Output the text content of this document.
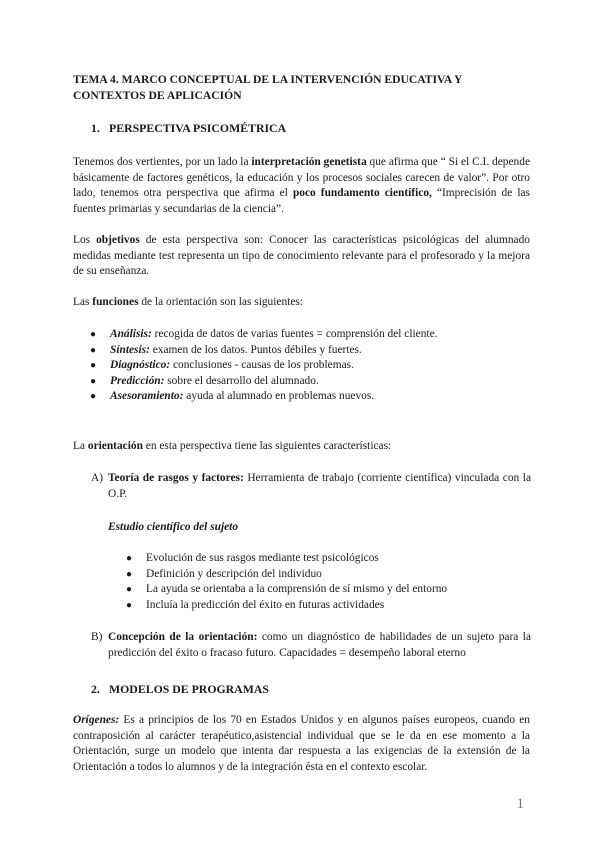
TEMA 4. MARCO CONCEPTUAL DE LA INTERVENCIÓN EDUCATIVA Y CONTEXTOS DE APLICACIÓN

1. PERSPECTIVA PSICOMÉTRICA

Tenemos dos vertientes, por un lado la interpretación genetista que afirma que “ Si el C.I. depende básicamente de factores genéticos, la educación y los procesos sociales carecen de valor”. Por otro lado, tenemos otra perspectiva que afirma el poco fundamento científico, “Imprecisión de las fuentes primarias y secundarias de la ciencia”.

Los objetivos de esta perspectiva son: Conocer las características psicológicas del alumnado medidas mediante test representa un tipo de conocimiento relevante para el profesorado y la mejora de su enseñanza.

Las funciones de la orientación son las siguientes:

● Análisis: recogida de datos de varias fuentes = comprensión del cliente.
● Síntesis: examen de los datos. Puntos débiles y fuertes.
● Diagnóstico: conclusiones - causas de los problemas.
● Predicción: sobre el desarrollo del alumnado.
● Asesoramiento: ayuda al alumnado en problemas nuevos.

La orientación en esta perspectiva tiene las siguientes características:

A) Teoría de rasgos y factores: Herramienta de trabajo (corriente científica) vinculada con la O.P.
Estudio científico del sujeto
● Evolución de sus rasgos mediante test psicológicos
● Definición y descripción del individuo
● La ayuda se orientaba a la comprensión de sí mismo y del entorno
● Incluía la predicción del éxito en futuras actividades
B) Concepción de la orientación: como un diagnóstico de habilidades de un sujeto para la predicción del éxito o fracaso futuro. Capacidades = desempeño laboral eterno
2. MODELOS DE PROGRAMAS

Orígenes: Es a principios de los 70 en Estados Unidos y en algunos países europeos, cuando en contraposición al carácter terapéutico,asistencial individual que se le da en ese momento a la Orientación, surge un modelo que intenta dar respuesta a las exigencias de la extensión de la Orientación a todos lo alumnos y de la integración ésta en el contexto escolar.

1
